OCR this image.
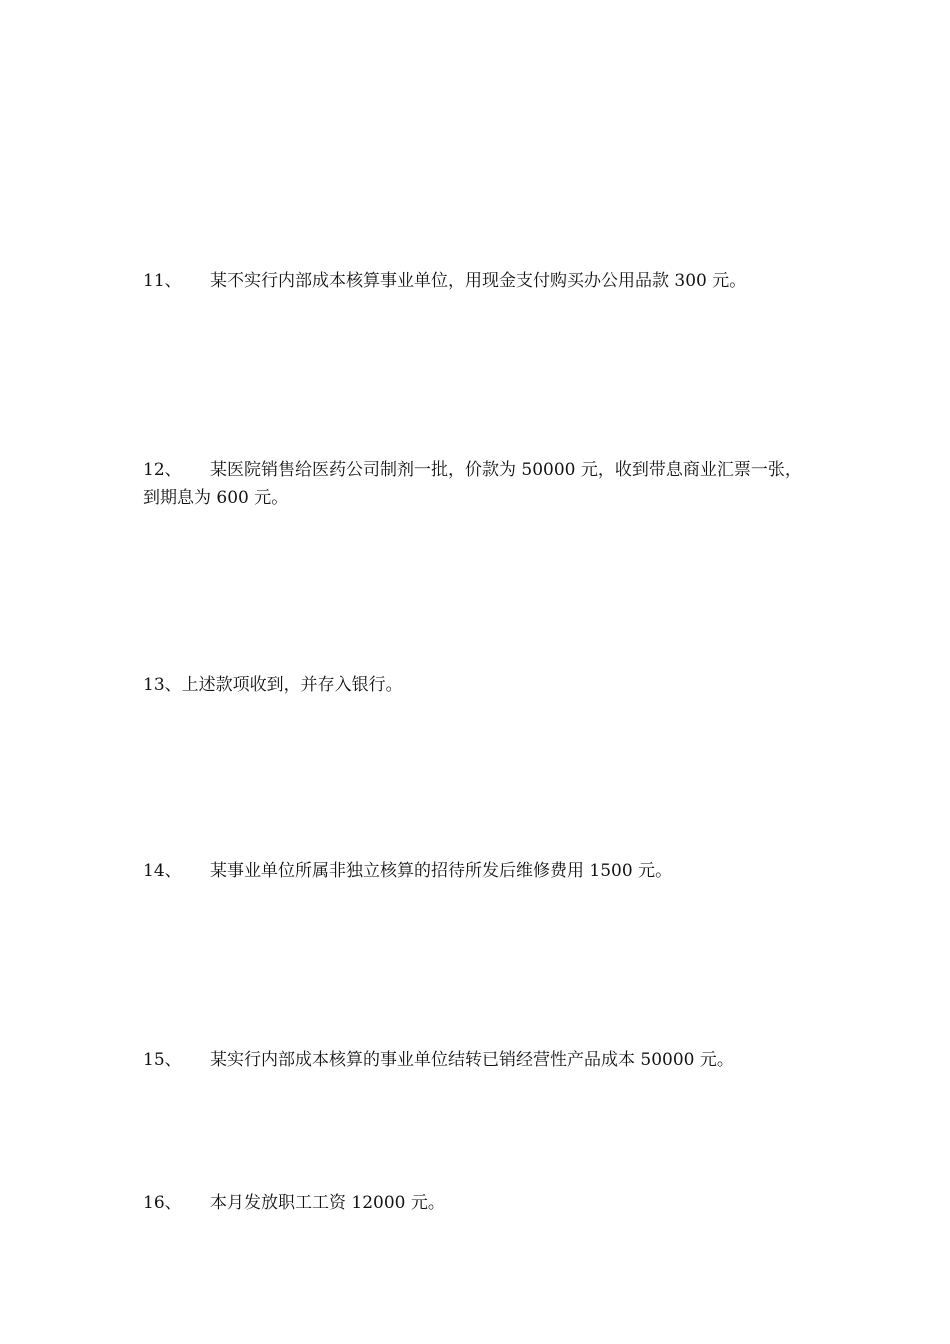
11、 某不实行内部成本核算事业单位，用现金支付购买办公用品款 300 元。

12、 某医院销售给医药公司制剂一批，价款为 50000 元，收到带息商业汇票一张，到期息为 600 元。

13、上述款项收到，并存入银行。

14、 某事业单位所属非独立核算的招待所发后维修费用 1500 元。

15、 某实行内部成本核算的事业单位结转已销经营性产品成本 50000 元。

16、 本月发放职工工资 12000 元。
